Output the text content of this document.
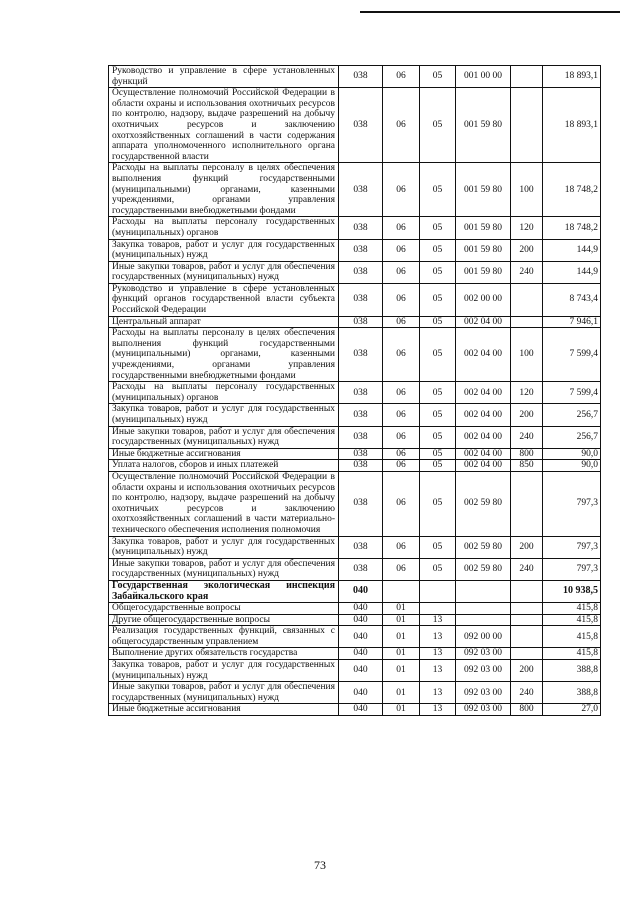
Руководство и управление в сфере установленных функций	038	06	05	001 00 00		18 893,1
Осуществление полномочий Российской Федерации в области охраны и использования охотничьих ресурсов по контролю, надзору, выдаче разрешений на добычу охотничьих ресурсов и заключению охотхозяйственных соглашений в части содержания аппарата уполномоченного исполнительного органа государственной власти	038	06	05	001 59 80		18 893,1
Расходы на выплаты персоналу в целях обеспечения выполнения функций государственными (муниципальными) органами, казенными учреждениями, органами управления государственными внебюджетными фондами	038	06	05	001 59 80	100	18 748,2
Расходы на выплаты персоналу государственных (муниципальных) органов	038	06	05	001 59 80	120	18 748,2
Закупка товаров, работ и услуг для государственных (муниципальных) нужд	038	06	05	001 59 80	200	144,9
Иные закупки товаров, работ и услуг для обеспечения государственных (муниципальных) нужд	038	06	05	001 59 80	240	144,9
Руководство и управление в сфере установленных функций органов государственной власти субъекта Российской Федерации	038	06	05	002 00 00		8 743,4
Центральный аппарат	038	06	05	002 04 00		7 946,1
Расходы на выплаты персоналу в целях обеспечения выполнения функций государственными (муниципальными) органами, казенными учреждениями, органами управления государственными внебюджетными фондами	038	06	05	002 04 00	100	7 599,4
Расходы на выплаты персоналу государственных (муниципальных) органов	038	06	05	002 04 00	120	7 599,4
Закупка товаров, работ и услуг для государственных (муниципальных) нужд	038	06	05	002 04 00	200	256,7
Иные закупки товаров, работ и услуг для обеспечения государственных (муниципальных) нужд	038	06	05	002 04 00	240	256,7
Иные бюджетные ассигнования	038	06	05	002 04 00	800	90,0
Уплата налогов, сборов и иных платежей	038	06	05	002 04 00	850	90,0
Осуществление полномочий Российской Федерации в области охраны и использования охотничьих ресурсов по контролю, надзору, выдаче разрешений на добычу охотничьих ресурсов и заключению охотхозяйственных соглашений в части материально-технического обеспечения исполнения полномочия	038	06	05	002 59 80		797,3
Закупка товаров, работ и услуг для государственных (муниципальных) нужд	038	06	05	002 59 80	200	797,3
Иные закупки товаров, работ и услуг для обеспечения государственных (муниципальных) нужд	038	06	05	002 59 80	240	797,3
Государственная экологическая инспекция Забайкальского края	040					10 938,5
Общегосударственные вопросы	040	01				415,8
Другие общегосударственные вопросы	040	01	13			415,8
Реализация государственных функций, связанных с общегосударственным управлением	040	01	13	092 00 00		415,8
Выполнение других обязательств государства	040	01	13	092 03 00		415,8
Закупка товаров, работ и услуг для государственных (муниципальных) нужд	040	01	13	092 03 00	200	388,8
Иные закупки товаров, работ и услуг для обеспечения государственных (муниципальных) нужд	040	01	13	092 03 00	240	388,8
Иные бюджетные ассигнования	040	01	13	092 03 00	800	27,0
73
